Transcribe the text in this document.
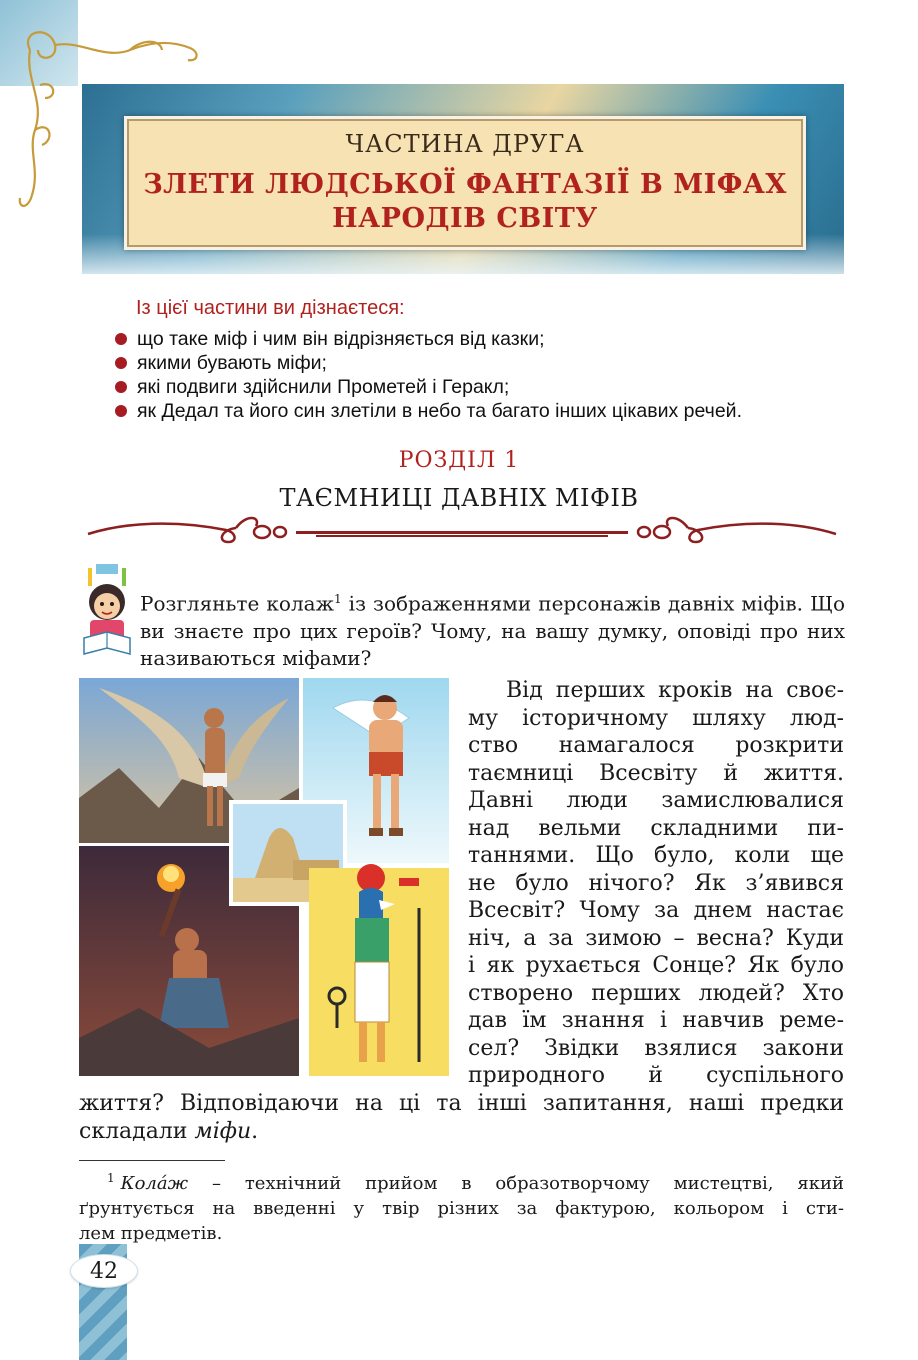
ЧАСТИНА ДРУГА
ЗЛЕТИ ЛЮДСЬКОЇ ФАНТАЗІЇ В МІФАХ
НАРОДІВ СВІТУ
Із цієї частини ви дізнаєтеся:
що таке міф і чим він відрізняється від казки;
якими бувають міфи;
які подвиги здійснили Прометей і Геракл;
як Дедал та його син злетіли в небо та багато інших цікавих речей.
РОЗДІЛ 1
ТАЄМНИЦІ ДАВНІХ МІФІВ
Розгляньте колаж$^1$ із зображеннями персонажів давніх міфів. Що ви знаєте про цих героїв? Чому, на вашу думку, оповіді про них називаються міфами?
Від перших кроків на своє-
му історичному шляху люд-
ство намагалося розкрити
таємниці Всесвіту й життя.
Давні люди замислювалися
над вельми складними пи-
таннями. Що було, коли ще
не було нічого? Як з’явився
Всесвіт? Чому за днем настає
ніч, а за зимою – весна? Куди
і як рухається Сонце? Як було
створено перших людей? Хто
дав їм знання і навчив реме-
сел? Звідки взялися закони
природного й суспільного
життя? Відповідаючи на ці та інші запитання, наші предки
складали міфи.
$^1$ Колáж – технічний прийом в образотворчому мистецтві, який
ґрунтується на введенні у твір різних за фактурою, кольором і сти-
лем предметів.
42
